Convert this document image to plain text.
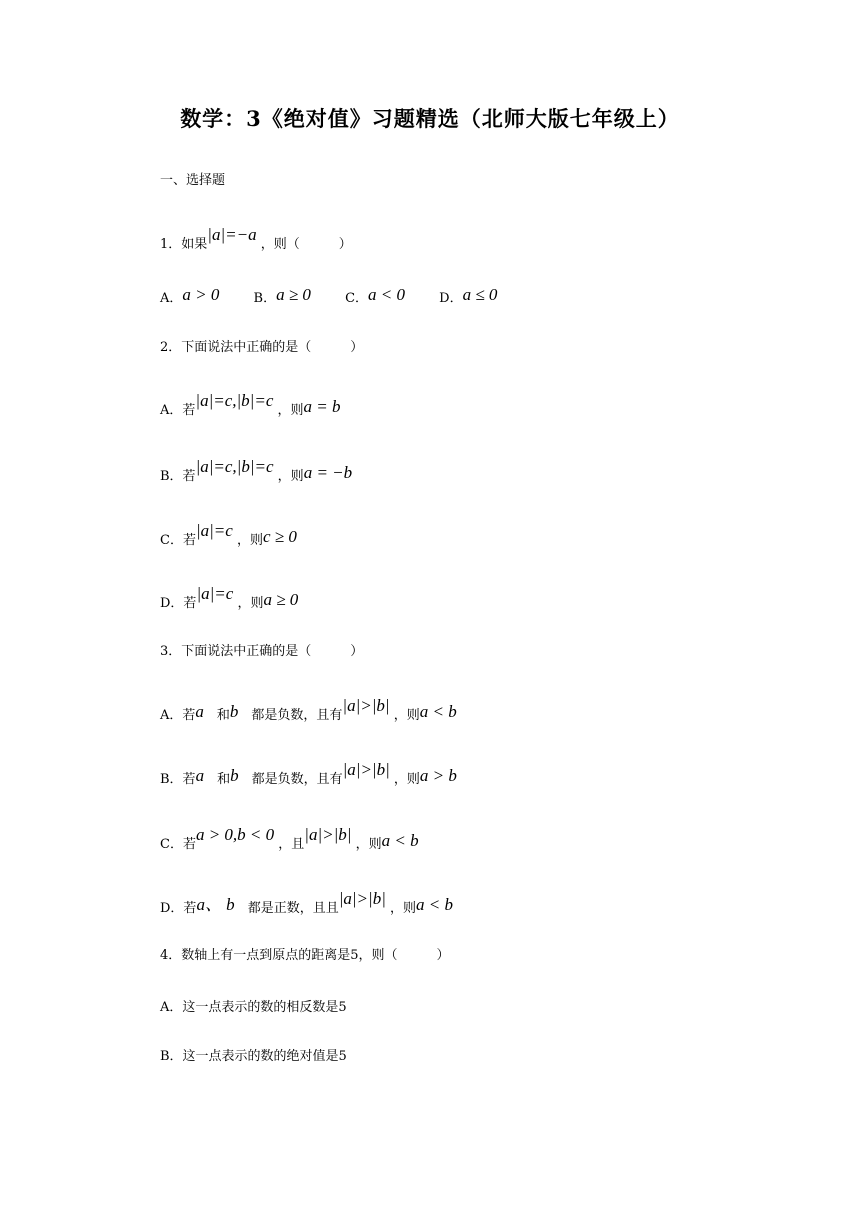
数学：3《绝对值》习题精选（北师大版七年级上）
一、选择题
1．如果|a|=−a ，则（　　　）
A．a > 0	B．a ≥ 0	C．a < 0	D．a ≤ 0
2．下面说法中正确的是（　　　）
A．若|a|=c,|b|=c ，则a = b
B．若|a|=c,|b|=c ，则a = −b
C．若|a|=c ，则c ≥ 0
D．若|a|=c ，则a ≥ 0
3．下面说法中正确的是（　　　）
A．若a　和b　都是负数，且有|a|>|b| ，则a < b
B．若a　和b　都是负数，且有|a|>|b| ，则a > b
C．若a > 0,b < 0 ，且|a|>|b| ，则a < b
D．若a、 b　都是正数，且且|a|>|b| ，则a < b
4．数轴上有一点到原点的距离是5，则（　　　）
A．这一点表示的数的相反数是5
B．这一点表示的数的绝对值是5
